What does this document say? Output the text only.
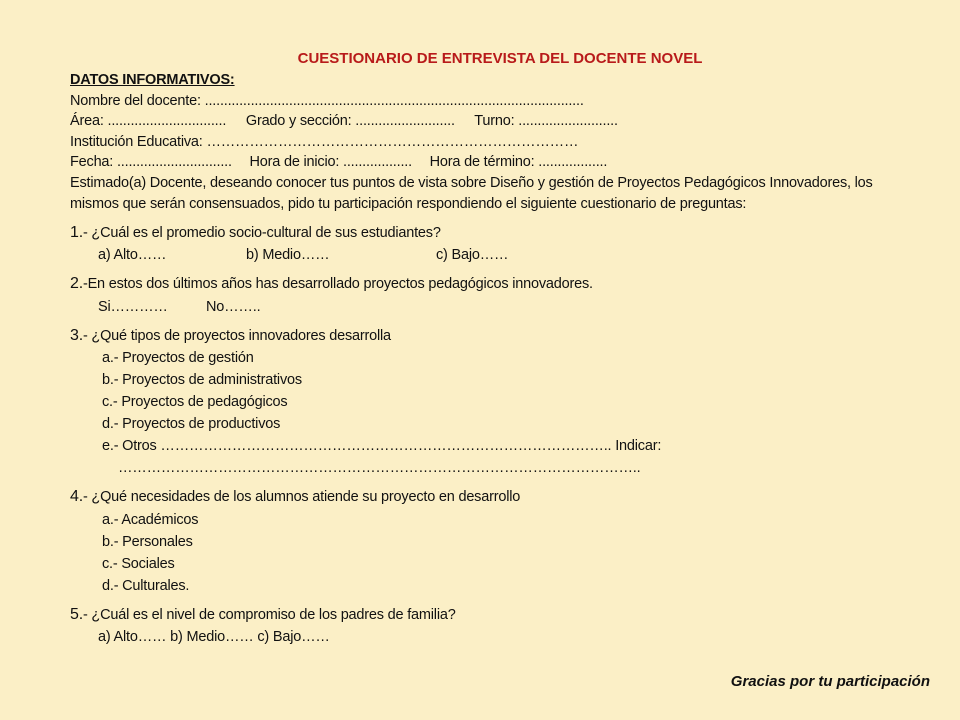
CUESTIONARIO DE ENTREVISTA DEL DOCENTE NOVEL
DATOS INFORMATIVOS:
Nombre del docente: ...................................................................................................
Área: ............................... Grado y sección: .......................... Turno: ..........................
Institución Educativa: ……………………………………………………………………
Fecha: .............................. Hora de inicio: .................. Hora de término: ..................
Estimado(a) Docente, deseando conocer tus puntos de vista sobre Diseño y gestión de Proyectos Pedagógicos Innovadores, los mismos que serán consensuados, pido tu participación respondiendo el siguiente cuestionario de preguntas:
1.- ¿Cuál es el promedio socio-cultural de sus estudiantes?
a) Alto……	b) Medio……	c) Bajo……
2.-En estos dos últimos años has desarrollado proyectos pedagógicos innovadores.
Si…………	No……..
3.- ¿Qué tipos de proyectos innovadores desarrolla
a.- Proyectos de gestión
b.- Proyectos de administrativos
c.- Proyectos de pedagógicos
d.- Proyectos de productivos
e.- Otros ………………………………………………………………………………….. Indicar:
………………………………………………………………………………………………..
4.- ¿Qué necesidades de los alumnos atiende su proyecto en desarrollo
a.- Académicos
b.- Personales
c.- Sociales
d.- Culturales.
5.- ¿Cuál es el nivel de compromiso de los padres de familia?
a) Alto…… b) Medio…… c) Bajo……
Gracias por tu participación
